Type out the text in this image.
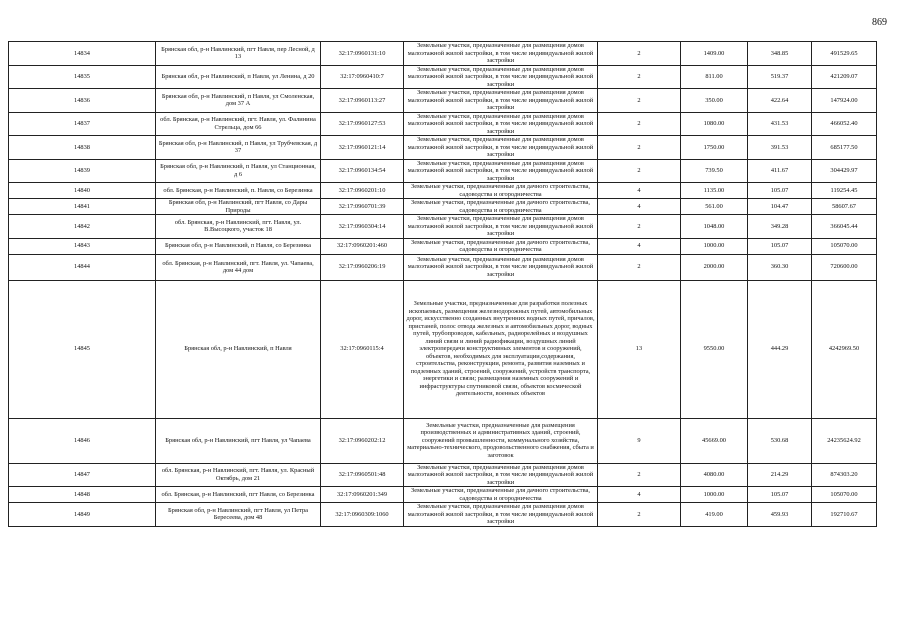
869
14834	Брянская обл, р-н Навлинский, пгт Навля, пер Лесной, д 13	32:17:0960131:10	Земельные участки, предназначенные для размещения домов малоэтажной жилой застройки, в том числе индивидуальной жилой застройки	2	1409.00	348.85	491529.65
14835	Брянская обл, р-н Навлинский, п Навля, ул Ленина, д 20	32:17:0960410:7	Земельные участки, предназначенные для размещения домов малоэтажной жилой застройки, в том числе индивидуальной жилой застройки	2	811.00	519.37	421209.07
14836	Брянская обл, р-н Навлинский, п Навля, ул Смоленская, дом 37 А	32:17:0960113:27	Земельные участки, предназначенные для размещения домов малоэтажной жилой застройки, в том числе индивидуальной жилой застройки	2	350.00	422.64	147924.00
14837	обл. Брянская, р-н Навлинский, пгт. Навля, ул. Фалинина Стрельца, дом 66	32:17:0960127:53	Земельные участки, предназначенные для размещения домов малоэтажной жилой застройки, в том числе индивидуальной жилой застройки	2	1080.00	431.53	466052.40
14838	Брянская обл, р-н Навлинский, п Навля, ул Трубчевская, д 37	32:17:0960121:14	Земельные участки, предназначенные для размещения домов малоэтажной жилой застройки, в том числе индивидуальной жилой застройки	2	1750.00	391.53	685177.50
14839	Брянская обл, р-н Навлинский, п Навля, ул Станционная, д 6	32:17:0960134:54	Земельные участки, предназначенные для размещения домов малоэтажной жилой застройки, в том числе индивидуальной жилой застройки	2	739.50	411.67	304429.97
14840	обл. Брянская, р-н Навлинский, п. Навля, сo Березинка	32:17:0960201:10	Земельные участки, предназначенные для дачного строительства, садоводства и огородничества	4	1135.00	105.07	119254.45
14841	Брянская обл, р-н Навлинский, пгт Навля, сo Дары Природы	32:17:0960701:39	Земельные участки, предназначенные для дачного строительства, садоводства и огородничества	4	561.00	104.47	58607.67
14842	обл. Брянская, р-н Навлинский, пгт. Навля, ул. В.Высоцкого, участок 18	32:17:0960304:14	Земельные участки, предназначенные для размещения домов малоэтажной жилой застройки, в том числе индивидуальной жилой застройки	2	1048.00	349.28	366045.44
14843	Брянская обл, р-н Навлинский, п Навля, сo Березинка	32:17:0960201:460	Земельные участки, предназначенные для дачного строительства, садоводства и огородничества	4	1000.00	105.07	105070.00
14844	обл. Брянская, р-н Навлинский, пгт. Навля, ул. Чапаева, дом 44 дом	32:17:0960206:19	Земельные участки, предназначенные для размещения домов малоэтажной жилой застройки, в том числе индивидуальной жилой застройки	2	2000.00	360.30	720600.00
14845	Брянская обл, р-н Навлинский, п Навля	32:17:0960115:4	Земельные участки, предназначенные для разработки полезных ископаемых, размещения железнодорожных путей, автомобильных дорог, искусственно созданных внутренних водных путей, причалов, пристаней, полос отвода железных и автомобильных дорог, водных путей, трубопроводов, кабельных, радиорелейных и воздушных линий связи и линий радиофикации, воздушных линий электропередачи конструктивных элементов и сооружений, объектов, необходимых для эксплуатации,содержания, строительства, реконструкции, ремонта, развития наземных и подземных зданий, строений, сооружений, устройств транспорта, энергетики и связи; размещения наземных сооружений и инфраструктуры спутниковой связи, объектов космической деятельности, военных объектов	13	9550.00	444.29	4242969.50
14846	Брянская обл, р-н Навлинский, пгт Навля, ул Чапаева	32:17:0960202:12	Земельные участки, предназначенные для размещения производственных и административных зданий, строений, сооружений промышленности, коммунального хозяйства, материально-технического, продовольственного снабжения, сбыта и заготовок	9	45669.00	530.68	24235624.92
14847	обл. Брянская, р-н Навлинский, пгт. Навля, ул. Красный Октябрь, дом 21	32:17:0960501:48	Земельные участки, предназначенные для размещения домов малоэтажной жилой застройки, в том числе индивидуальной жилой застройки	2	4080.00	214.29	874303.20
14848	обл. Брянская, р-н Навлинский, пгт Навля, сo Березинка	32:17:0960201:349	Земельные участки, предназначенные для дачного строительства, садоводства и огородничества	4	1000.00	105.07	105070.00
14849	Брянская обл, р-н Навлинский, пгт Навля, ул Петра Бересеева, дом 48	32:17:0960309:1060	Земельные участки, предназначенные для размещения домов малоэтажной жилой застройки, в том числе индивидуальной жилой застройки	2	419.00	459.93	192710.67
